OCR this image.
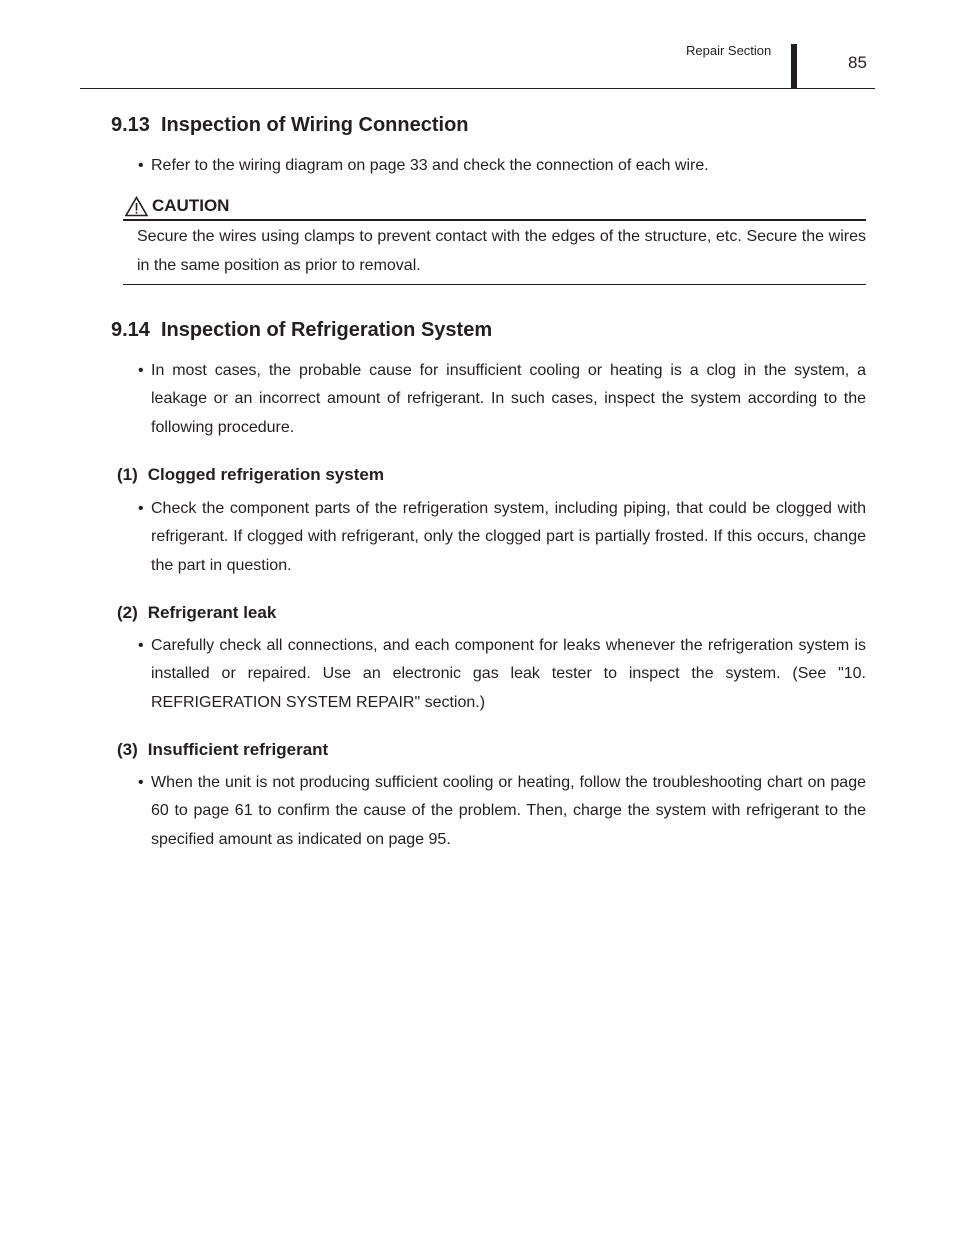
Repair Section
85
9.13 Inspection of Wiring Connection
• Refer to the wiring diagram on page 33 and check the connection of each wire.
CAUTION
Secure the wires using clamps to prevent contact with the edges of the structure, etc. Secure the wires in the same position as prior to removal.
9.14 Inspection of Refrigeration System
• In most cases, the probable cause for insufficient cooling or heating is a clog in the system, a leakage or an incorrect amount of refrigerant. In such cases, inspect the system according to the following procedure.
(1) Clogged refrigeration system
• Check the component parts of the refrigeration system, including piping, that could be clogged with refrigerant. If clogged with refrigerant, only the clogged part is partially frosted. If this occurs, change the part in question.
(2) Refrigerant leak
• Carefully check all connections, and each component for leaks whenever the refrigeration system is installed or repaired. Use an electronic gas leak tester to inspect the system. (See "10. REFRIGERATION SYSTEM REPAIR" section.)
(3) Insufficient refrigerant
• When the unit is not producing sufficient cooling or heating, follow the troubleshooting chart on page 60 to page 61 to confirm the cause of the problem. Then, charge the system with refrigerant to the specified amount as indicated on page 95.
